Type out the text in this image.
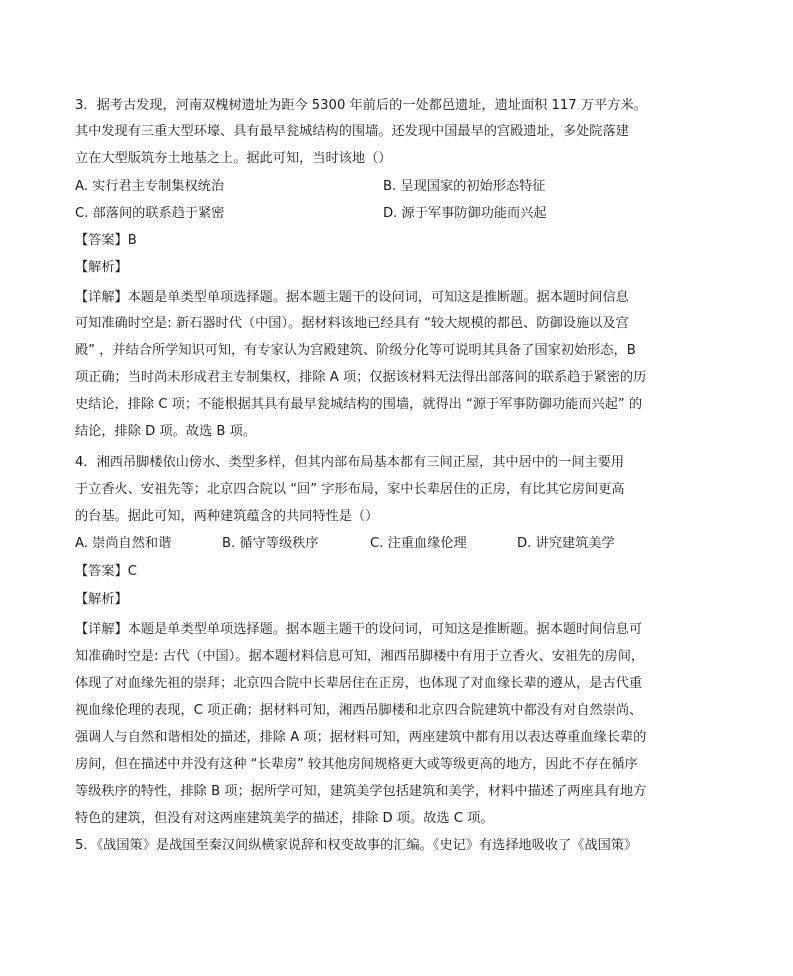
3．据考古发现，河南双槐树遗址为距今 5300 年前后的一处都邑遗址，遗址面积 117 万平方米。
其中发现有三重大型环壕、具有最早瓮城结构的围墙。还发现中国最早的宫殿遗址，多处院落建
立在大型版筑夯土地基之上。据此可知，当时该地（）
A. 实行君主专制集权统治	B. 呈现国家的初始形态特征
C. 部落间的联系趋于紧密	D. 源于军事防御功能而兴起
【答案】B
【解析】
【详解】本题是单类型单项选择题。据本题主题干的设问词，可知这是推断题。据本题时间信息
可知准确时空是: 新石器时代（中国）。据材料该地已经具有 “较大规模的都邑、防御设施以及宫
殿” ，并结合所学知识可知，有专家认为宫殿建筑、阶级分化等可说明其具备了国家初始形态，B
项正确；当时尚未形成君主专制集权，排除 A 项；仅据该材料无法得出部落间的联系趋于紧密的历
史结论，排除 C 项；不能根据其具有最早瓮城结构的围墙，就得出 “源于军事防御功能而兴起” 的
结论，排除 D 项。故选 B 项。
4．湘西吊脚楼依山傍水、类型多样，但其内部布局基本都有三间正屋，其中居中的一间主要用
于立香火、安祖先等；北京四合院以 “回” 字形布局，家中长辈居住的正房，有比其它房间更高
的台基。据此可知，两种建筑蕴含的共同特性是（）
A. 崇尚自然和谐	B. 循守等级秩序	C. 注重血缘伦理	D. 讲究建筑美学
【答案】C
【解析】
【详解】本题是单类型单项选择题。据本题主题干的设问词，可知这是推断题。据本题时间信息可
知准确时空是: 古代（中国）。据本题材料信息可知，湘西吊脚楼中有用于立香火、安祖先的房间，
体现了对血缘先祖的崇拜；北京四合院中长辈居住在正房，也体现了对血缘长辈的遵从，是古代重
视血缘伦理的表现，C 项正确；据材料可知，湘西吊脚楼和北京四合院建筑中都没有对自然崇尚、
强调人与自然和谐相处的描述，排除 A 项；据材料可知，两座建筑中都有用以表达尊重血缘长辈的
房间，但在描述中并没有这种 “长辈房” 较其他房间规格更大或等级更高的地方，因此不存在循序
等级秩序的特性，排除 B 项；据所学可知，建筑美学包括建筑和美学，材料中描述了两座具有地方
特色的建筑，但没有对这两座建筑美学的描述，排除 D 项。故选 C 项。
5．《战国策》是战国至秦汉间纵横家说辞和权变故事的汇编。《史记》有选择地吸收了《战国策》
